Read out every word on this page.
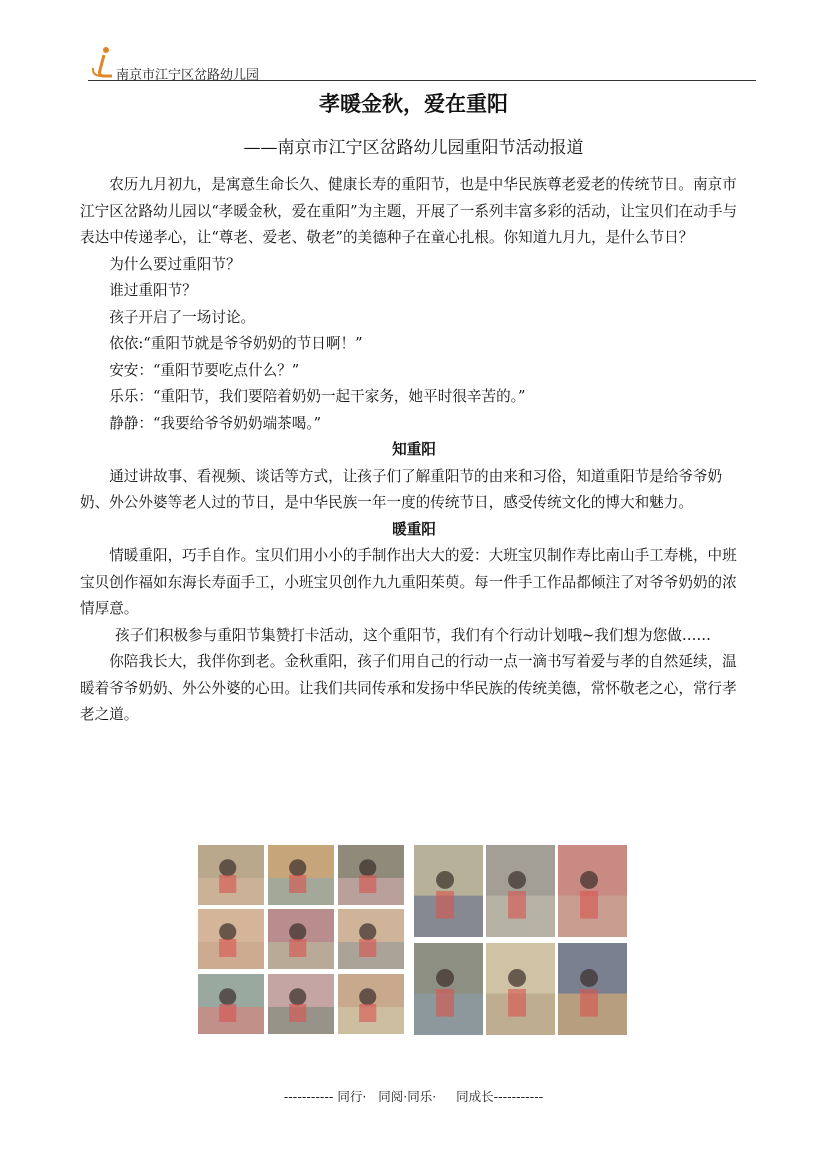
南京市江宁区岔路幼儿园
孝暖金秋，爱在重阳
——南京市江宁区岔路幼儿园重阳节活动报道

农历九月初九，是寓意生命长久、健康长寿的重阳节，也是中华民族尊老爱老的传统节日。南京市江宁区岔路幼儿园以“孝暖金秋，爱在重阳”为主题，开展了一系列丰富多彩的活动，让宝贝们在动手与表达中传递孝心，让“尊老、爱老、敬老”的美德种子在童心扎根。你知道九月九，是什么节日？

为什么要过重阳节？

谁过重阳节？

孩子开启了一场讨论。

依依:“重阳节就是爷爷奶奶的节日啊！”

安安：“重阳节要吃点什么？”

乐乐：“重阳节，我们要陪着奶奶一起干家务，她平时很辛苦的。”

静静：“我要给爷爷奶奶端茶喝。”

知重阳

通过讲故事、看视频、谈话等方式，让孩子们了解重阳节的由来和习俗，知道重阳节是给爷爷奶奶、外公外婆等老人过的节日，是中华民族一年一度的传统节日，感受传统文化的博大和魅力。

暖重阳

情暖重阳，巧手自作。宝贝们用小小的手制作出大大的爱：大班宝贝制作寿比南山手工寿桃，中班宝贝创作福如东海长寿面手工，小班宝贝创作九九重阳茱萸。每一件手工作品都倾注了对爷爷奶奶的浓情厚意。

孩子们积极参与重阳节集赞打卡活动，这个重阳节，我们有个行动计划哦~我们想为您做……

你陪我长大，我伴你到老。金秋重阳，孩子们用自己的行动一点一滴书写着爱与孝的自然延续，温暖着爷爷奶奶、外公外婆的心田。让我们共同传承和发扬中华民族的传统美德，常怀敬老之心，常行孝老之道。

----------- 同行·   同阅·同乐·     同成长-----------
